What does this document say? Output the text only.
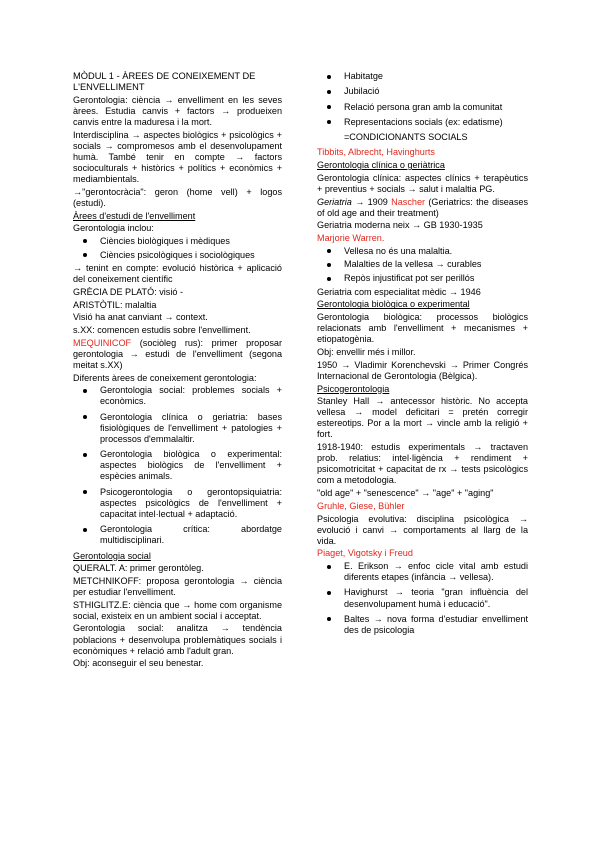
MÒDUL 1 - ÀREES DE CONEIXEMENT DE L'ENVELLIMENT

Gerontologia: ciència → envelliment en les seves àrees. Estudia canvis + factors → produeixen canvis entre la maduresa i la mort.

Interdisciplina → aspectes biològics + psicològics + socials → compromesos amb el desenvolupament humà. També tenir en compte → factors socioculturals + històrics + polítics + econòmics + mediambientals.

→"gerontocràcia": geron (home vell) + logos (estudi).

Àrees d'estudi de l'envelliment

Gerontologia inclou:

Ciències biològiques i mèdiques
Ciències psicològiques i sociològiques

→ tenint en compte: evolució històrica + aplicació del coneixement científic

GRÈCIA DE PLATÓ: visió -

ARISTÒTIL: malaltia

Visió ha anat canviant → context.

s.XX: comencen estudis sobre l'envelliment.

MEQUINICOF (sociòleg rus): primer proposar gerontologia → estudi de l'envelliment (segona meitat s.XX)

Diferents àrees de coneixement gerontologia:

Gerontologia social: problemes socials + econòmics.
Gerontologia clínica o geriatria: bases fisiològiques de l'envelliment + patologies + processos d'emmalaltir.
Gerontologia biològica o experimental: aspectes biològics de l'envelliment + espècies animals.
Psicogerontologia o gerontopsiquiatria: aspectes psicològics de l'envelliment + capacitat intel·lectual + adaptació.
Gerontologia crítica: abordatge multidisciplinari.

Gerontologia social

QUERALT. A: primer gerontòleg.

METCHNIKOFF: proposa gerontologia → ciència per estudiar l'envelliment.

STHIGLITZ.E: ciència que → home com organisme social, existeix en un ambient social i acceptat.

Gerontologia social: analitza → tendència poblacions + desenvolupa problemàtiques socials i econòmiques + relació amb l'adult gran.

Obj: aconseguir el seu benestar.

Habitatge
Jubilació
Relació persona gran amb la comunitat
Representacions socials (ex: edatisme)
=CONDICIONANTS SOCIALS

Tibbits, Albrecht, Havinghurts

Gerontologia clínica o geriàtrica

Gerontologia clínica: aspectes clínics + terapèutics + preventius + socials → salut i malaltia PG.

Geriatria → 1909 Nascher (Geriatrics: the diseases of old age and their treatment)

Geriatria moderna neix → GB 1930-1935

Marjorie Warren.

Vellesa no és una malaltia.
Malalties de la vellesa → curables
Repòs injustificat pot ser perillós

Geriatria com especialitat mèdic → 1946

Gerontologia biològica o experimental

Gerontologia biològica: processos biològics relacionats amb l'envelliment + mecanismes + etiopatogènia.

Obj: envellir més i millor.

1950 → Vladimir Korenchevski → Primer Congrés Internacional de Gerontologia (Bèlgica).

Psicogerontologia

Stanley Hall → antecessor històric. No accepta vellesa → model deficitari = pretén corregir estereotips. Por a la mort → vincle amb la religió + fort.

1918-1940: estudis experimentals → tractaven prob. relatius: intel·ligència + rendiment + psicomotricitat + capacitat de rx → tests psicològics com a metodologia.

"old age" + "senescence" → "age" + "aging"

Gruhle, Giese, Bühler

Psicologia evolutiva: disciplina psicològica → evolució i canvi → comportaments al llarg de la vida.

Piaget, Vigotsky i Freud

E. Erikson → enfoc cicle vital amb estudi diferents etapes (infància → vellesa).
Havighurst → teoria "gran influència del desenvolupament humà i educació".
Baltes → nova forma d'estudiar envelliment des de psicologia
